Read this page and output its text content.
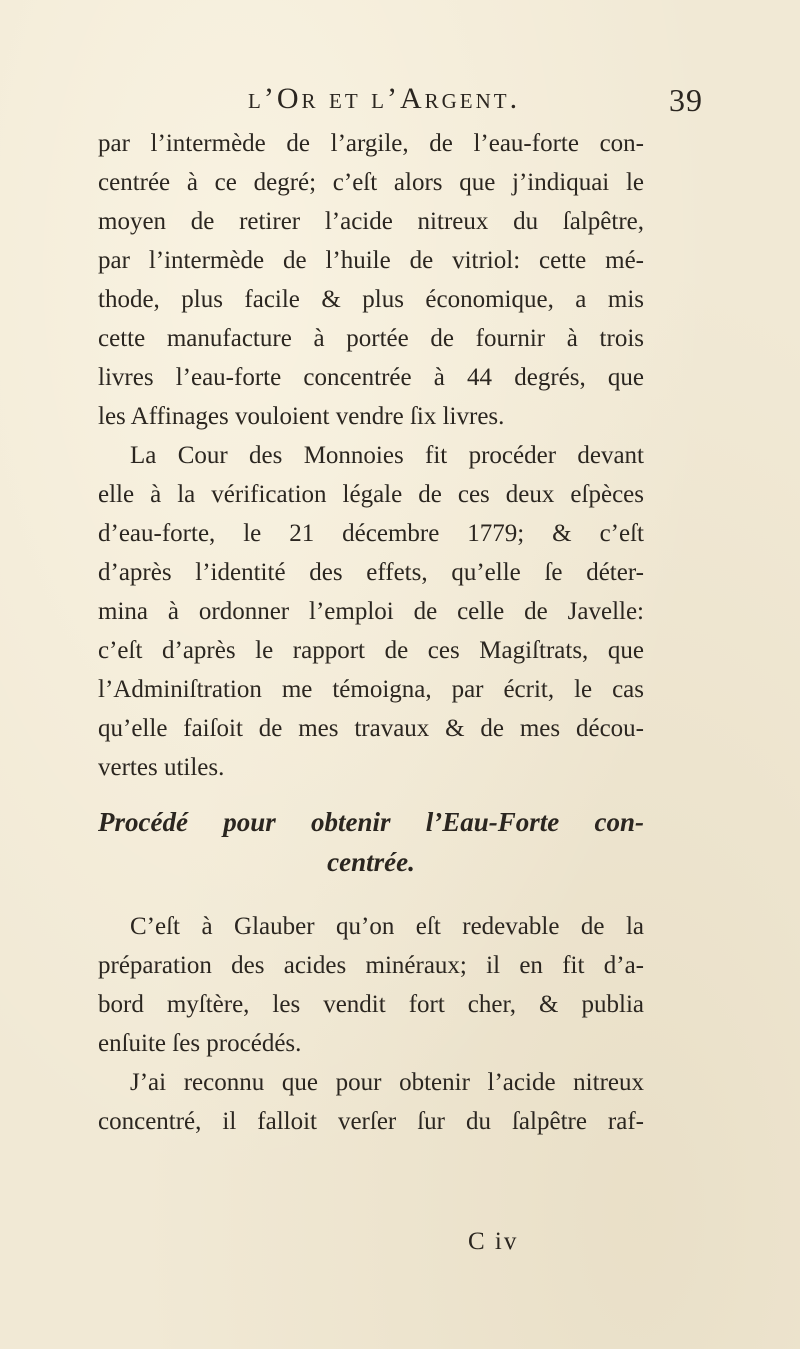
l’Or et l’Argent.	39
par l’intermède de l’argile, de l’eau-forte con-
centrée à ce degré; c’eſt alors que j’indiquai le
moyen de retirer l’acide nitreux du ſalpêtre,
par l’intermède de l’huile de vitriol: cette mé-
thode, plus facile & plus économique, a mis
cette manufacture à portée de fournir à trois
livres l’eau-forte concentrée à 44 degrés, que
les Affinages vouloient vendre ſix livres.
La Cour des Monnoies fit procéder devant
elle à la vérification légale de ces deux eſpèces
d’eau-forte, le 21 décembre 1779; & c’eſt
d’après l’identité des effets, qu’elle ſe déter-
mina à ordonner l’emploi de celle de Javelle:
c’eſt d’après le rapport de ces Magiſtrats, que
l’Adminiſtration me témoigna, par écrit, le cas
qu’elle faiſoit de mes travaux & de mes décou-
vertes utiles.
Procédé pour obtenir l’Eau-Forte con-
centrée.
C’eſt à Glauber qu’on eſt redevable de la
préparation des acides minéraux; il en fit d’a-
bord myſtère, les vendit fort cher, & publia
enſuite ſes procédés.
J’ai reconnu que pour obtenir l’acide nitreux
concentré, il falloit verſer ſur du ſalpêtre raf-
C iv
